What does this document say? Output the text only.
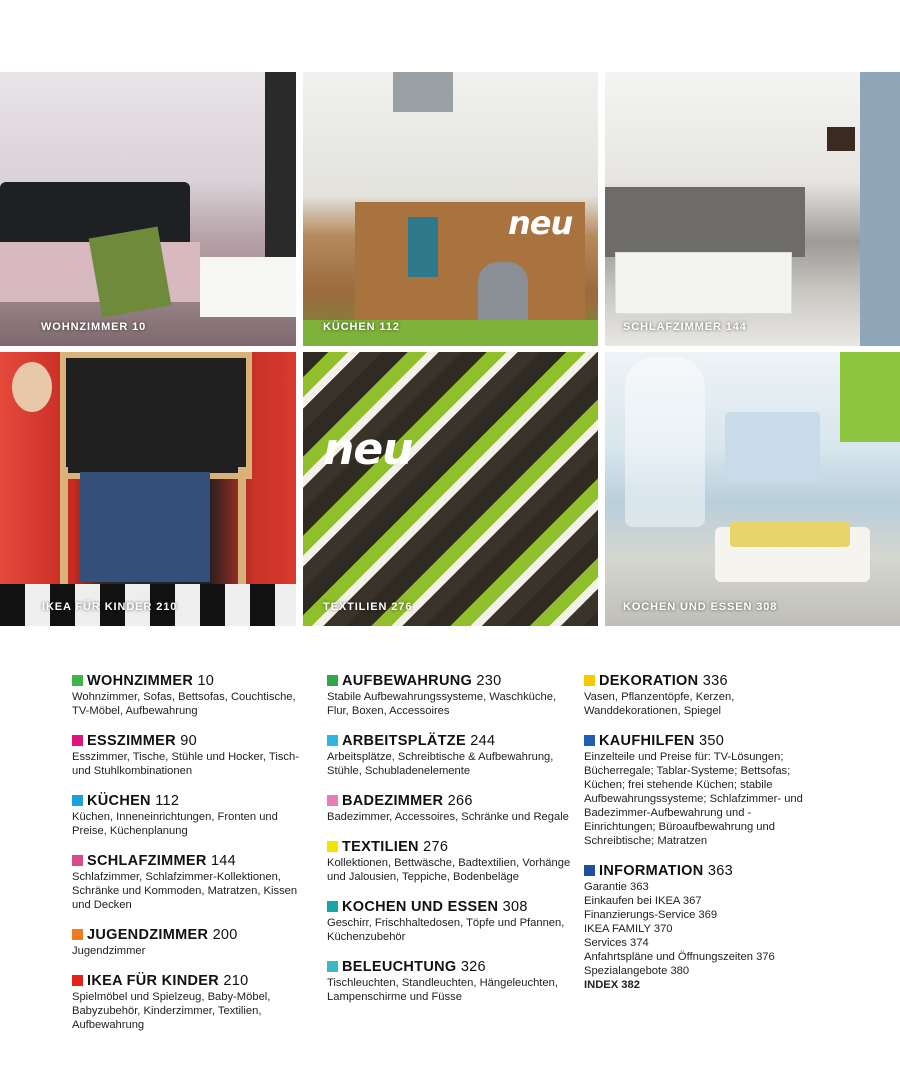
WOHNZIMMER 10
neu
KÜCHEN 112	SCHLAFZIMMER 144
IKEA FÜR KINDER 210
neu
TEXTILIEN 276	KOCHEN UND ESSEN 308
WOHNZIMMER 10

Wohnzimmer, Sofas, Bettsofas, Couchtische, TV-Möbel, Aufbewahrung

ESSZIMMER 90

Esszimmer, Tische, Stühle und Hocker, Tisch- und Stuhlkombinationen

KÜCHEN 112

Küchen, Inneneinrichtungen, Fronten und Preise, Küchenplanung

SCHLAFZIMMER 144

Schlafzimmer, Schlafzimmer-Kollektionen, Schränke und Kommoden, Matratzen, Kissen und Decken

JUGENDZIMMER 200

Jugendzimmer

IKEA FÜR KINDER 210

Spielmöbel und Spielzeug, Baby-Möbel, Babyzubehör, Kinderzimmer, Textilien, Aufbewahrung

AUFBEWAHRUNG 230

Stabile Aufbewahrungssysteme, Waschküche, Flur, Boxen, Accessoires

ARBEITSPLÄTZE 244

Arbeitsplätze, Schreibtische & Aufbewahrung, Stühle, Schubladenelemente

BADEZIMMER 266

Badezimmer, Accessoires, Schränke und Regale

TEXTILIEN 276

Kollektionen, Bettwäsche, Badtextilien, Vorhänge und Jalousien, Teppiche, Bodenbeläge

KOCHEN UND ESSEN 308

Geschirr, Frischhaltedosen, Töpfe und Pfannen, Küchenzubehör

BELEUCHTUNG 326

Tischleuchten, Standleuchten, Hängeleuchten, Lampenschirme und Füsse

DEKORATION 336

Vasen, Pflanzentöpfe, Kerzen, Wanddekorationen, Spiegel

KAUFHILFEN 350

Einzelteile und Preise für: TV-Lösungen; Bücherregale; Tablar-Systeme; Bettsofas; Küchen; frei stehende Küchen; stabile Aufbewahrungssysteme; Schlafzimmer- und Badezimmer-Aufbewahrung und -Einrichtungen; Büroaufbewahrung und Schreibtische; Matratzen

INFORMATION 363
Garantie 363
Einkaufen bei IKEA 367
Finanzierungs-Service 369
IKEA FAMILY 370
Services 374
Anfahrtspläne und Öffnungszeiten 376
Spezialangebote 380
INDEX 382
